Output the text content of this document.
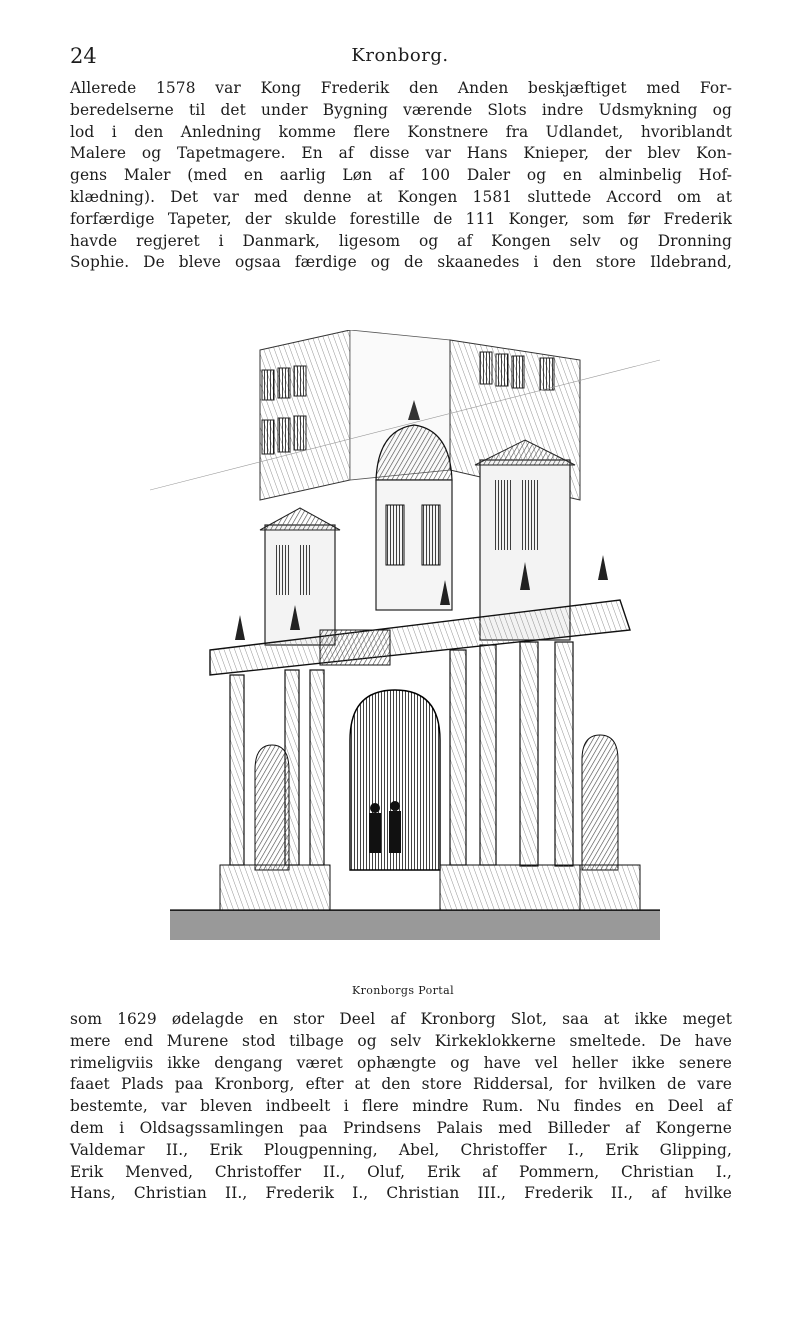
24	Kronborg.

Allerede 1578 var Kong Frederik den Anden beskjæftiget med For-
beredelserne til det under Bygning værende Slots indre Udsmykning og
lod i den Anledning komme flere Konstnere fra Udlandet, hvoriblandt
Malere og Tapetmagere. En af disse var Hans Knieper, der blev Kon-
gens Maler (med en aarlig Løn af 100 Daler og en alminbelig Hof-
klædning). Det var med denne at Kongen 1581 sluttede Accord om at
forfærdige Tapeter, der skulde forestille de 111 Konger, som før Frederik
havde regjeret i Danmark, ligesom og af Kongen selv og Dronning
Sophie. De bleve ogsaa færdige og de skaanedes i den store Ildebrand,

Kronborgs Portal

som 1629 ødelagde en stor Deel af Kronborg Slot, saa at ikke meget
mere end Murene stod tilbage og selv Kirkeklokkerne smeltede. De have
rimeligviis ikke dengang været ophængte og have vel heller ikke senere
faaet Plads paa Kronborg, efter at den store Riddersal, for hvilken de vare
bestemte, var bleven indbeelt i flere mindre Rum. Nu findes en Deel af
dem i Oldsagssamlingen paa Prindsens Palais med Billeder af Kongerne
Valdemar II., Erik Plougpenning, Abel, Christoffer I., Erik Glipping,
Erik Menved, Christoffer II., Oluf, Erik af Pommern, Christian I.,
Hans, Christian II., Frederik I., Christian III., Frederik II., af hvilke
